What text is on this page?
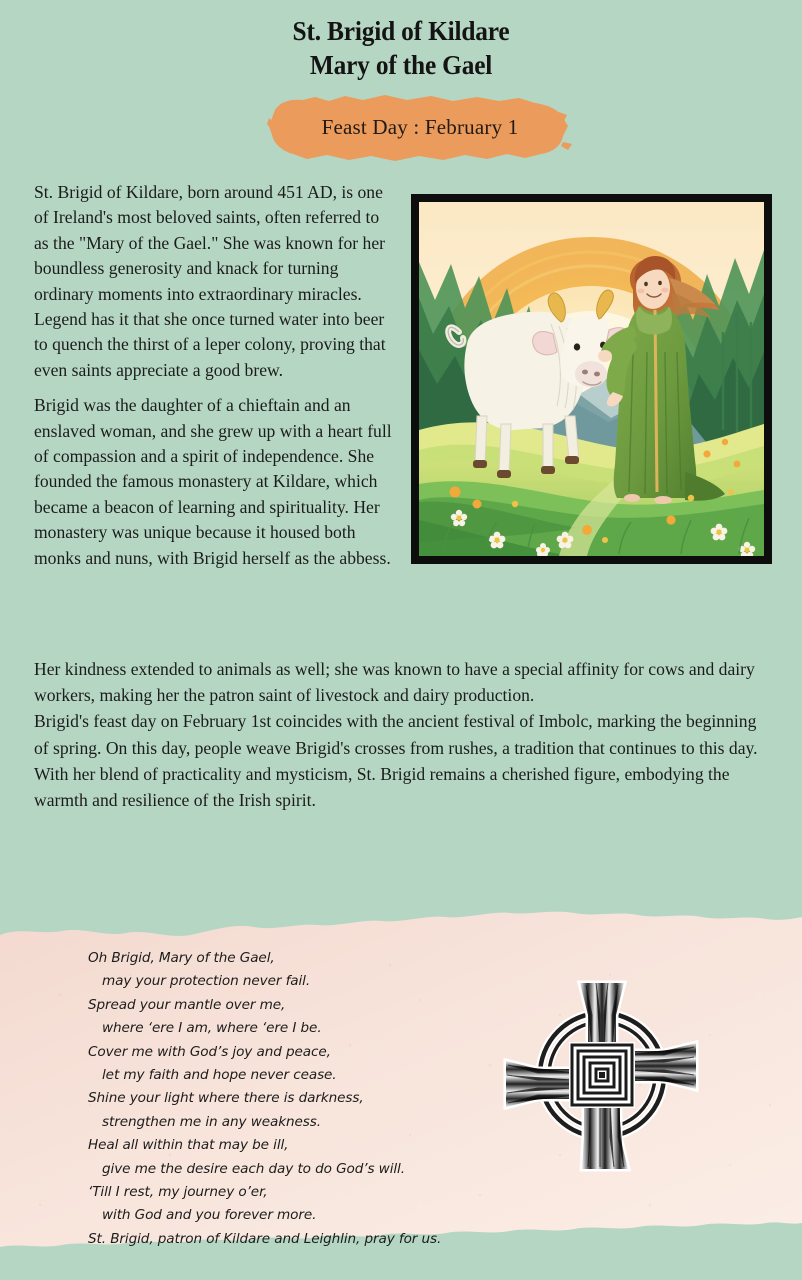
St. Brigid of Kildare
Mary of the Gael
Feast Day : February 1

St. Brigid of Kildare, born around 451 AD, is one of Ireland's most beloved saints, often referred to as the "Mary of the Gael." She was known for her boundless generosity and knack for turning ordinary moments into extraordinary miracles. Legend has it that she once turned water into beer to quench the thirst of a leper colony, proving that even saints appreciate a good brew.

Brigid was the daughter of a chieftain and an enslaved woman, and she grew up with a heart full of compassion and a spirit of independence. She founded the famous monastery at Kildare, which became a beacon of learning and spirituality. Her monastery was unique because it housed both monks and nuns, with Brigid herself as the abbess.

Her kindness extended to animals as well; she was known to have a special affinity for cows and dairy workers, making her the patron saint of livestock and dairy production.

Brigid's feast day on February 1st coincides with the ancient festival of Imbolc, marking the beginning of spring. On this day, people weave Brigid's crosses from rushes, a tradition that continues to this day.

With her blend of practicality and mysticism, St. Brigid remains a cherished figure, embodying the warmth and resilience of the Irish spirit.

Oh Brigid, Mary of the Gael,
may your protection never fail.
Spread your mantle over me,
where ‘ere I am, where ‘ere I be.
Cover me with God’s joy and peace,
let my faith and hope never cease.
Shine your light where there is darkness,
strengthen me in any weakness.
Heal all within that may be ill,
give me the desire each day to do God’s will.
‘Till I rest, my journey o’er,
with God and you forever more.
St. Brigid, patron of Kildare and Leighlin, pray for us.
